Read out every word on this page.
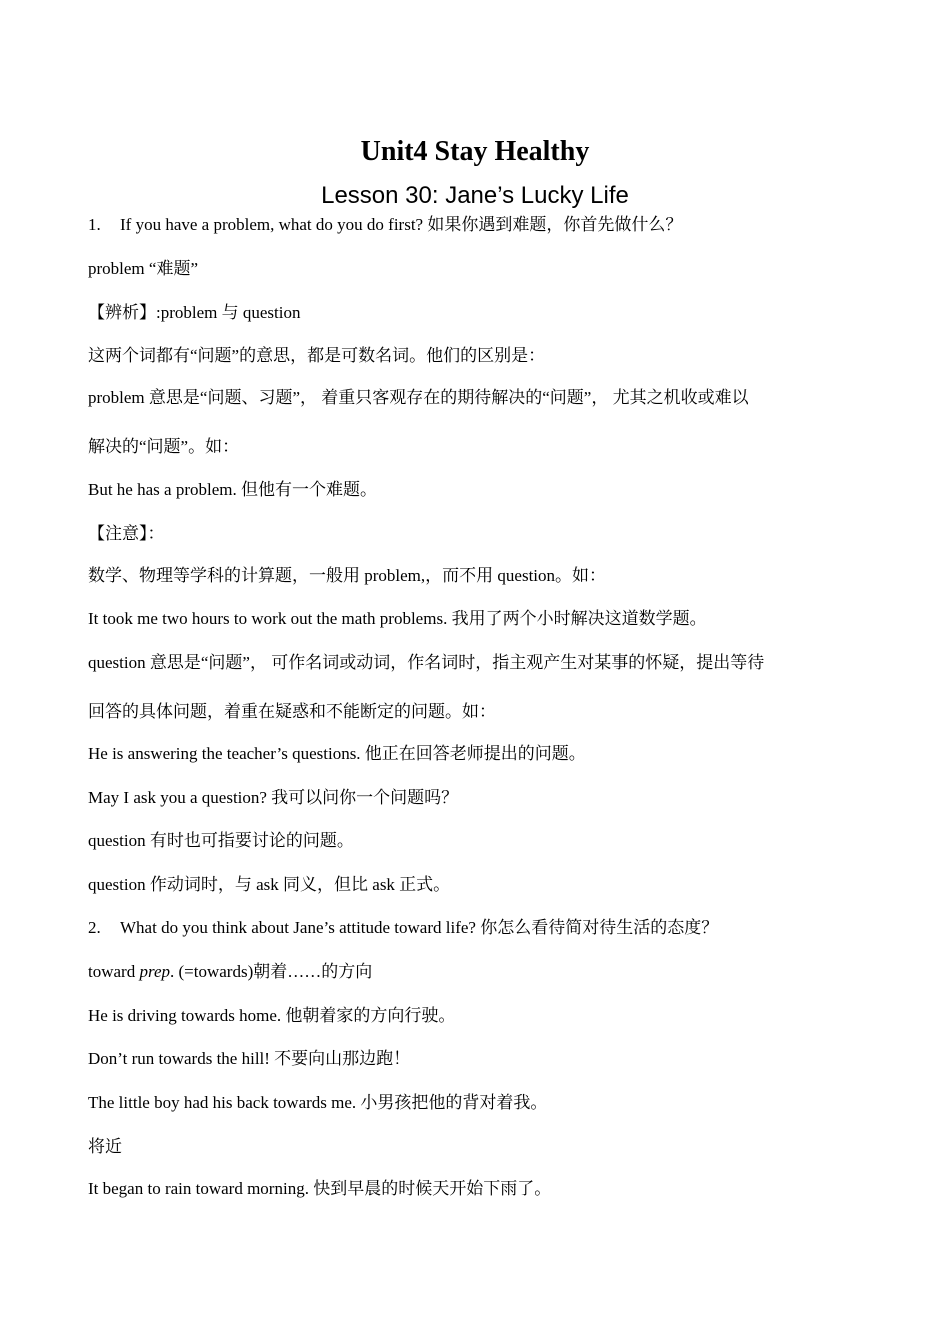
Unit4 Stay Healthy
Lesson 30: Jane’s Lucky Life
1. If you have a problem, what do you do first? 如果你遇到难题，你首先做什么？
problem “难题”
【辨析】:problem 与 question
这两个词都有“问题”的意思，都是可数名词。他们的区别是：
problem 意思是“问题、习题”， 着重只客观存在的期待解决的“问题”， 尤其之机收或难以
解决的“问题”。如：
But he has a problem. 但他有一个难题。
【注意】：
数学、物理等学科的计算题，一般用 problem,，而不用 question。如：
It took me two hours to work out the math problems. 我用了两个小时解决这道数学题。
question 意思是“问题”， 可作名词或动词，作名词时，指主观产生对某事的怀疑，提出等待
回答的具体问题，着重在疑惑和不能断定的问题。如：
He is answering the teacher’s questions. 他正在回答老师提出的问题。
May I ask you a question? 我可以问你一个问题吗？
question 有时也可指要讨论的问题。
question 作动词时，与 ask 同义，但比 ask 正式。
2. What do you think about Jane’s attitude toward life? 你怎么看待简对待生活的态度？
toward prep. (=towards)朝着……的方向
He is driving towards home. 他朝着家的方向行驶。
Don’t run towards the hill! 不要向山那边跑！
The little boy had his back towards me. 小男孩把他的背对着我。
将近
It began to rain toward morning. 快到早晨的时候天开始下雨了。
